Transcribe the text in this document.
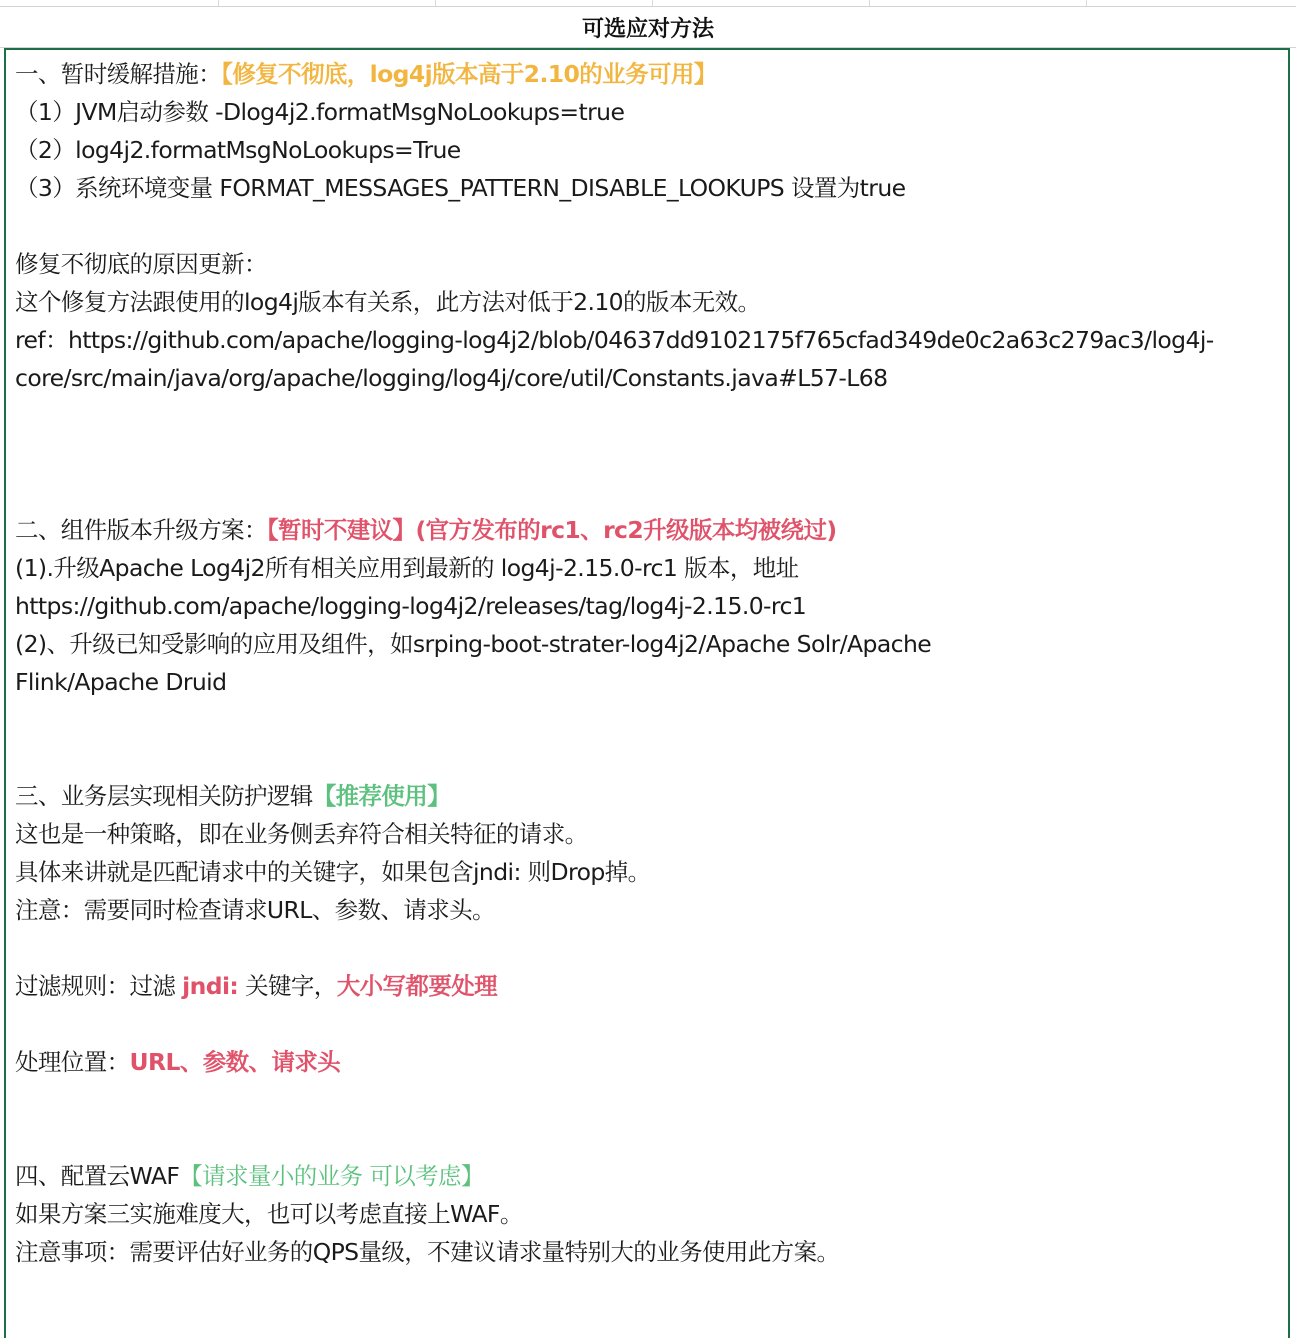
可选应对方法
一、暂时缓解措施：【修复不彻底，log4j版本高于2.10的业务可用】
（1）JVM启动参数 -Dlog4j2.formatMsgNoLookups=true
（2）log4j2.formatMsgNoLookups=True
（3）系统环境变量 FORMAT_MESSAGES_PATTERN_DISABLE_LOOKUPS 设置为true
修复不彻底的原因更新：
这个修复方法跟使用的log4j版本有关系，此方法对低于2.10的版本无效。
ref：https://github.com/apache/logging-log4j2/blob/04637dd9102175f765cfad349de0c2a63c279ac3/log4j-
core/src/main/java/org/apache/logging/log4j/core/util/Constants.java#L57-L68
二、组件版本升级方案：【暂时不建议】(官方发布的rc1、rc2升级版本均被绕过)
(1).升级Apache Log4j2所有相关应用到最新的 log4j-2.15.0-rc1 版本，地址
https://github.com/apache/logging-log4j2/releases/tag/log4j-2.15.0-rc1
(2)、升级已知受影响的应用及组件，如srping-boot-strater-log4j2/Apache Solr/Apache
Flink/Apache Druid
三、业务层实现相关防护逻辑【推荐使用】
这也是一种策略，即在业务侧丢弃符合相关特征的请求。
具体来讲就是匹配请求中的关键字，如果包含jndi: 则Drop掉。
注意：需要同时检查请求URL、参数、请求头。
过滤规则：过滤 jndi: 关键字，大小写都要处理
处理位置：URL、参数、请求头
四、配置云WAF【请求量小的业务 可以考虑】
如果方案三实施难度大，也可以考虑直接上WAF。
注意事项：需要评估好业务的QPS量级，不建议请求量特别大的业务使用此方案。
